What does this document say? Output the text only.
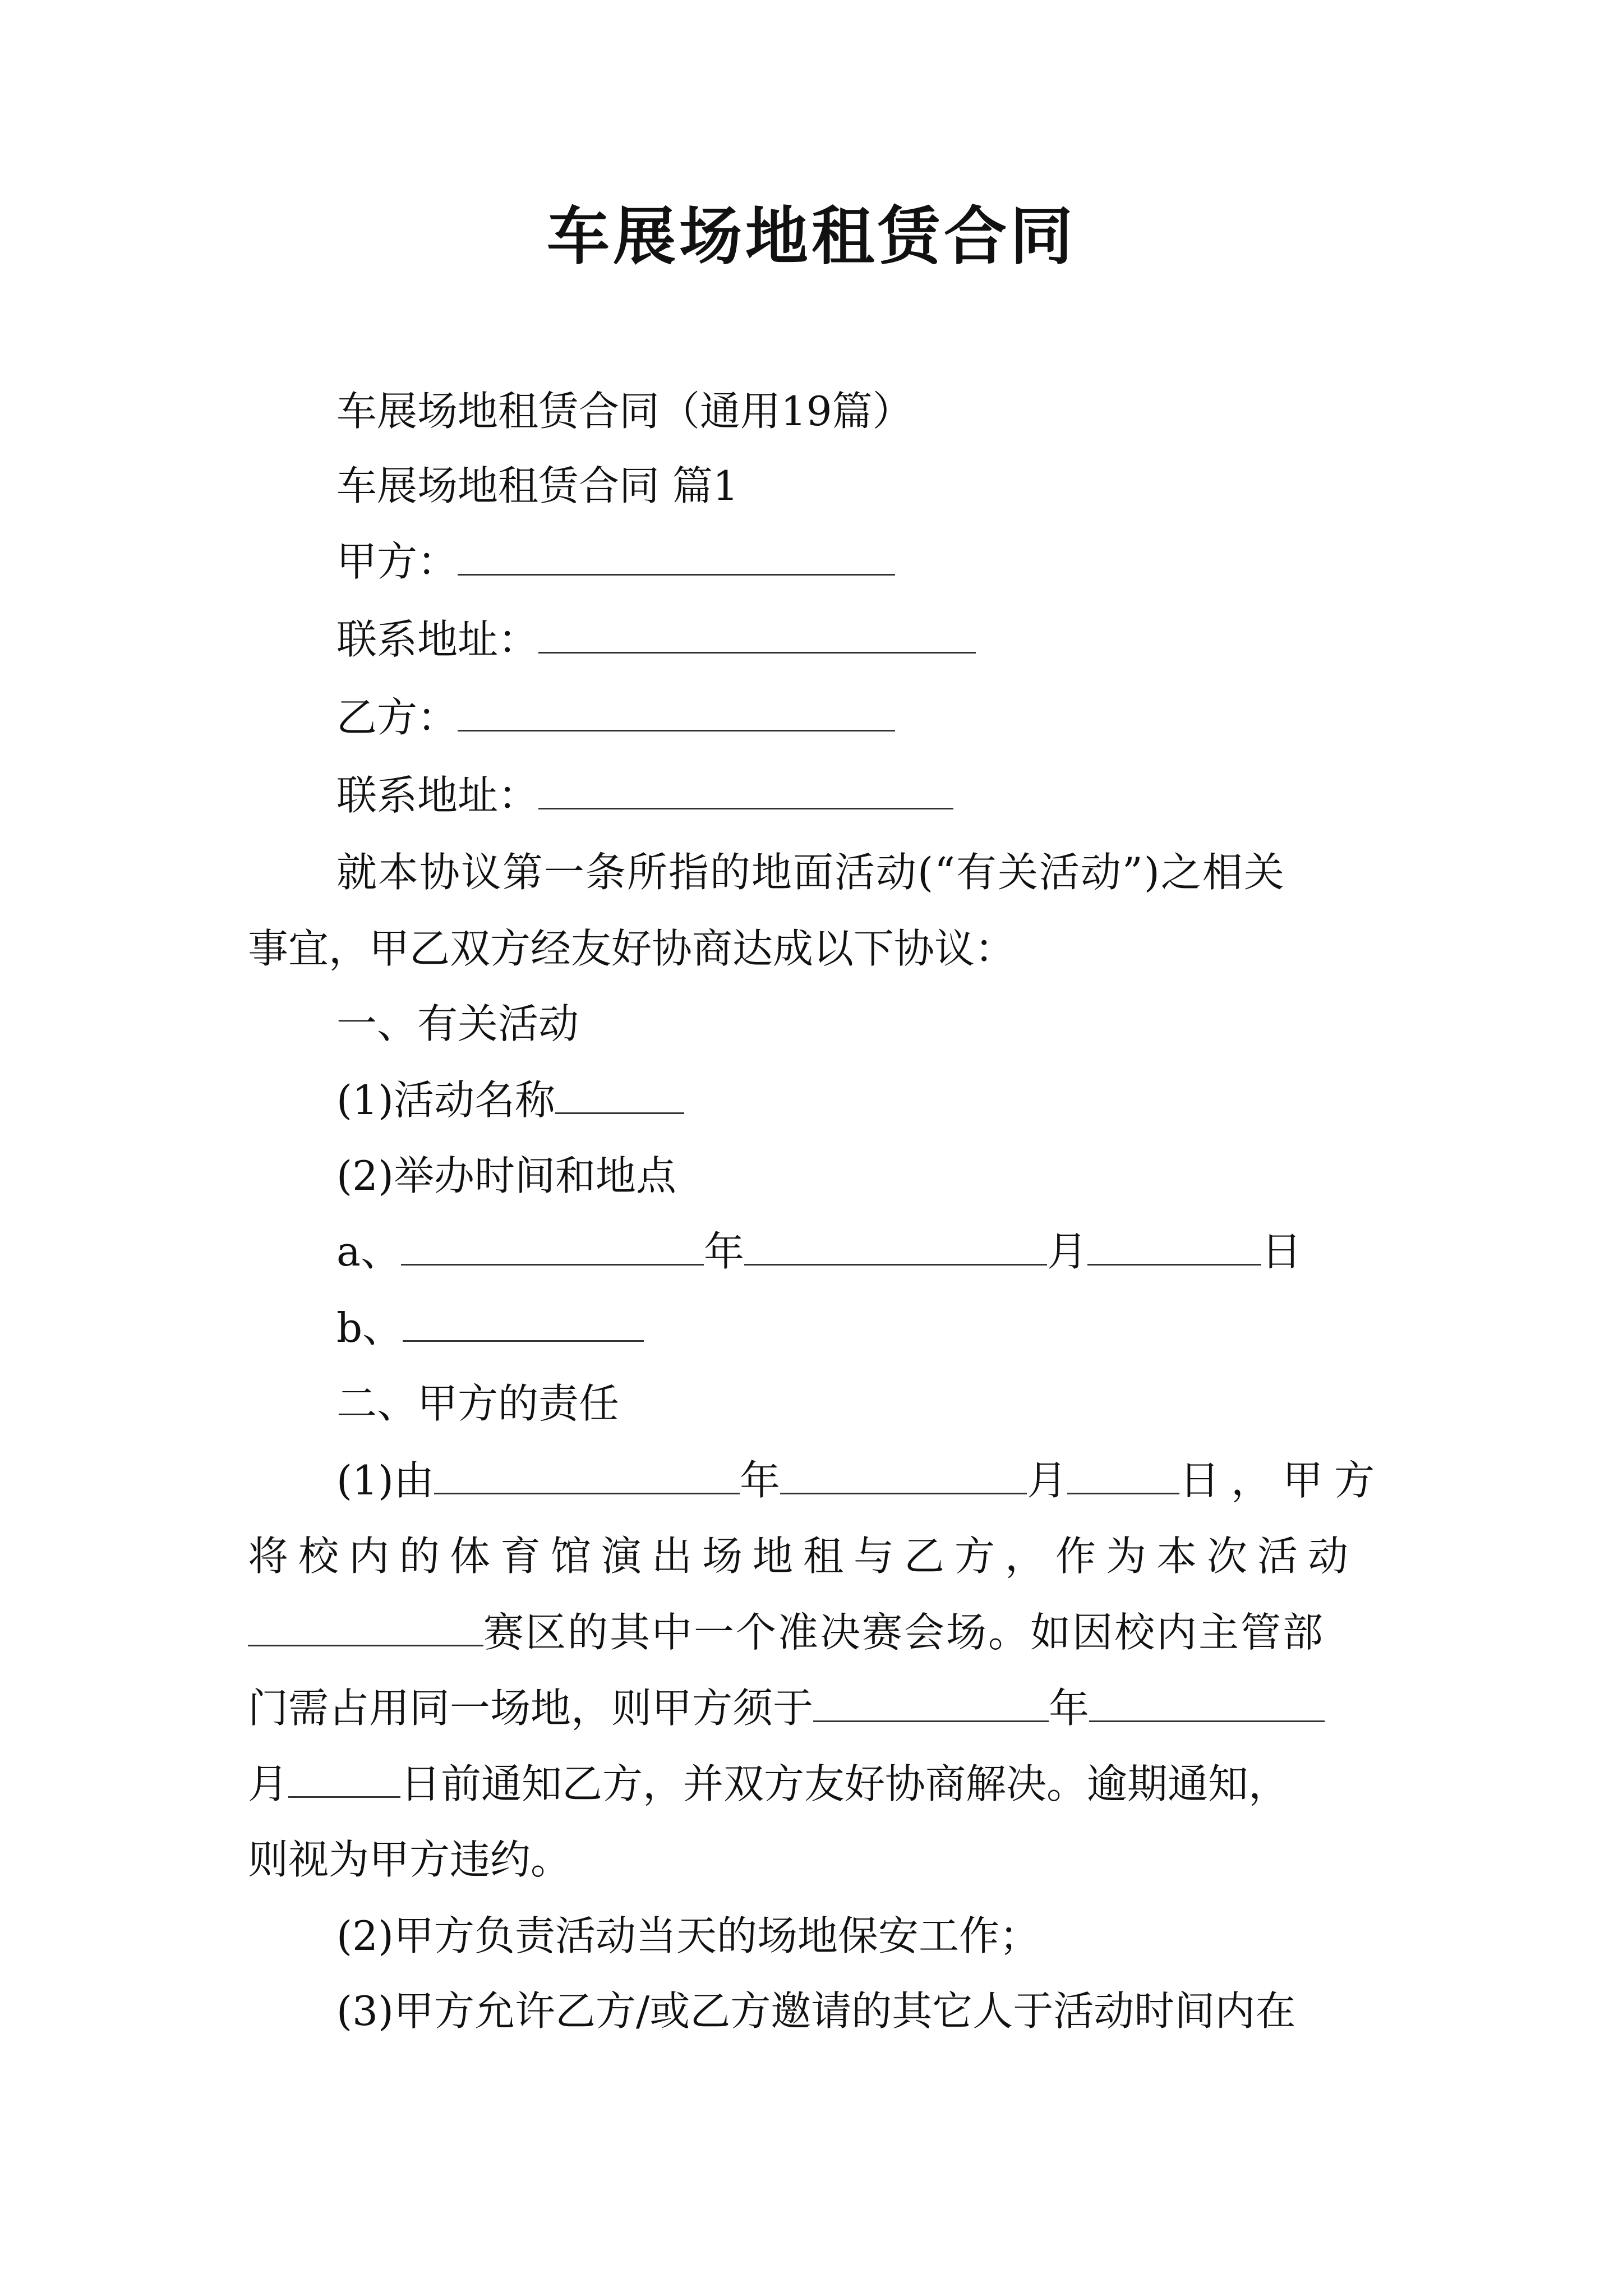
车展场地租赁合同
车展场地租赁合同（通用19篇）
车展场地租赁合同 篇1
甲方：
联系地址：
乙方：
联系地址：
就本协议第一条所指的地面活动(“有关活动”)之相关
事宜，甲乙双方经友好协商达成以下协议：
一、有关活动
(1)活动名称
(2)举办时间和地点
a、	年	月	日
b、
二、甲方的责任
(1)由	年	月	日，甲方
将校内的体育馆演出场地租与乙方，作为本次活动
赛区的其中一个准决赛会场。如因校内主管部
门需占用同一场地，则甲方须于	年
月	日前通知乙方，并双方友好协商解决。逾期通知，
则视为甲方违约。
(2)甲方负责活动当天的场地保安工作；
(3)甲方允许乙方/或乙方邀请的其它人于活动时间内在
